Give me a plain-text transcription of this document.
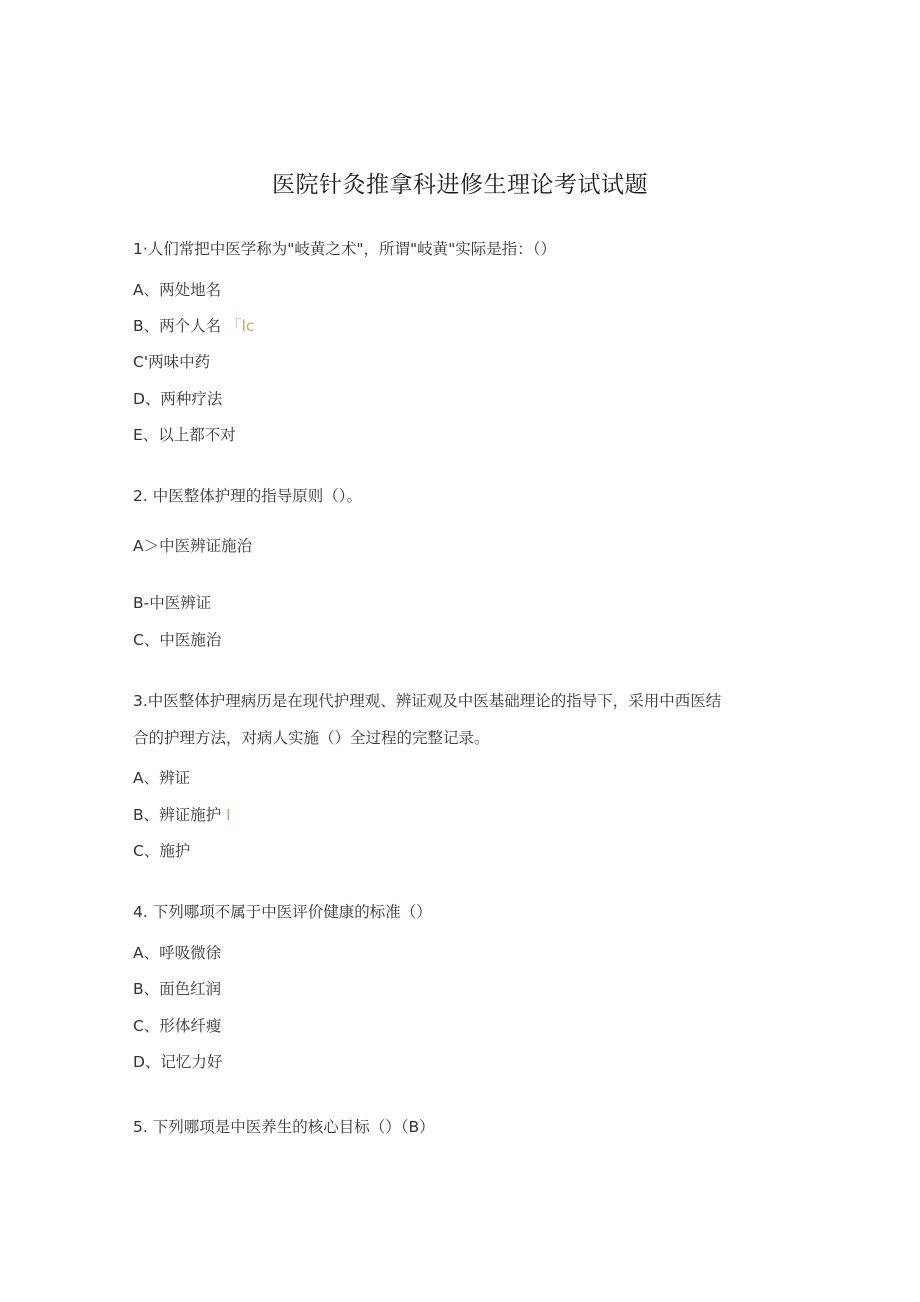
医院针灸推拿科进修生理论考试试题
1·人们常把中医学称为"岐黄之术"，所谓"岐黄"实际是指：（）
A、两处地名
B、两个人名 「lc
C'两味中药
D、两种疗法
E、以上都不对
2. 中医整体护理的指导原则（）。
A＞中医辨证施治
B-中医辨证
C、中医施治
3.中医整体护理病历是在现代护理观、辨证观及中医基础理论的指导下，采用中西医结
合的护理方法，对病人实施（）全过程的完整记录。
A、辨证
B、辨证施护 I
C、施护
4. 下列哪项不属于中医评价健康的标准（）
A、呼吸微徐
B、面色红润
C、形体纤瘦
D、记忆力好
5. 下列哪项是中医养生的核心目标（）（B）
